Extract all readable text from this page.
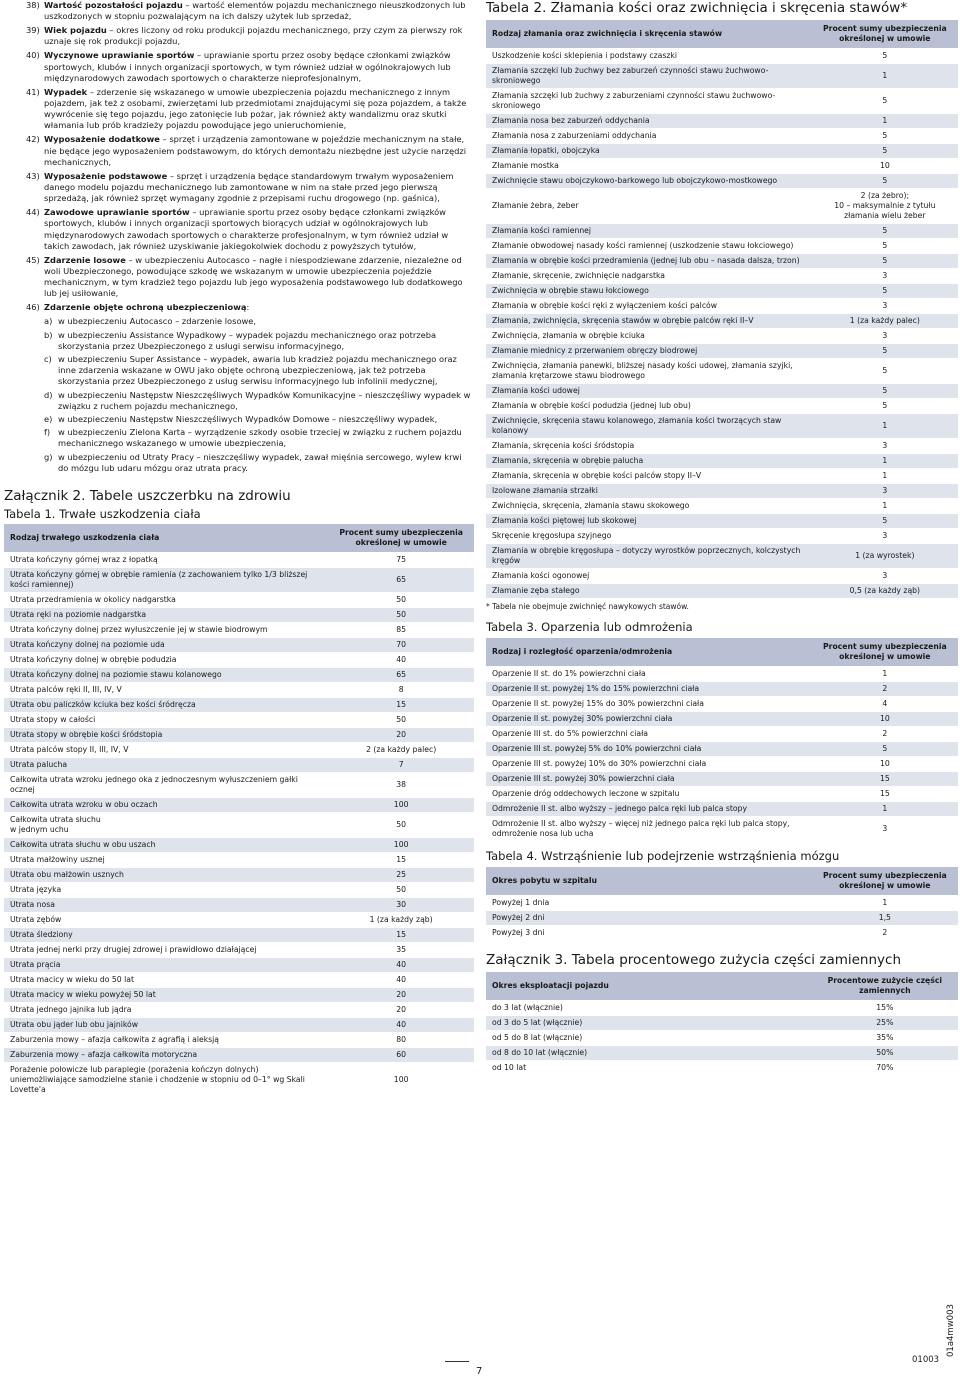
38) Wartość pozostałości pojazdu – wartość elementów pojazdu mechanicznego nieuszkodzonych lub uszkodzonych w stopniu pozwalającym na ich dalszy użytek lub sprzedaż,
39) Wiek pojazdu – okres liczony od roku produkcji pojazdu mechanicznego, przy czym za pierwszy rok uznaje się rok produkcji pojazdu,
40) Wyczynowe uprawianie sportów – uprawianie sportu przez osoby będące członkami związków sportowych, klubów i innych organizacji sportowych, w tym również udział w ogólnokrajowych lub międzynarodowych zawodach sportowych o charakterze nieprofesjonalnym,
41) Wypadek – zderzenie się wskazanego w umowie ubezpieczenia pojazdu mechanicznego z innym pojazdem, jak też z osobami, zwierzętami lub przedmiotami znajdującymi się poza pojazdem, a także wywrócenie się tego pojazdu, jego zatonięcie lub pożar, jak również akty wandalizmu oraz skutki włamania lub prób kradzieży pojazdu powodujące jego unieruchomienie,
42) Wyposażenie dodatkowe – sprzęt i urządzenia zamontowane w pojeździe mechanicznym na stałe, nie będące jego wyposażeniem podstawowym, do których demontażu niezbędne jest użycie narzędzi mechanicznych,
43) Wyposażenie podstawowe – sprzęt i urządzenia będące standardowym trwałym wyposażeniem danego modelu pojazdu mechanicznego lub zamontowane w nim na stałe przed jego pierwszą sprzedażą, jak również sprzęt wymagany zgodnie z przepisami ruchu drogowego (np. gaśnica),
44) Zawodowe uprawianie sportów – uprawianie sportu przez osoby będące członkami związków sportowych, klubów i innych organizacji sportowych biorących udział w ogólnokrajowych lub międzynarodowych zawodach sportowych o charakterze profesjonalnym, w tym również udział w takich zawodach, jak również uzyskiwanie jakiegokolwiek dochodu z powyższych tytułów,
45) Zdarzenie losowe – w ubezpieczeniu Autocasco – nagłe i niespodziewane zdarzenie, niezależne od woli Ubezpieczonego, powodujące szkodę we wskazanym w umowie ubezpieczenia pojeździe mechanicznym, w tym kradzież tego pojazdu lub jego wyposażenia podstawowego lub dodatkowego lub jej usiłowanie,
46) Zdarzenie objęte ochroną ubezpieczeniową:
a) w ubezpieczeniu Autocasco – zdarzenie losowe,
b) w ubezpieczeniu Assistance Wypadkowy – wypadek pojazdu mechanicznego oraz potrzeba skorzystania przez Ubezpieczonego z usługi serwisu informacyjnego,
c) w ubezpieczeniu Super Assistance – wypadek, awaria lub kradzież pojazdu mechanicznego oraz inne zdarzenia wskazane w OWU jako objęte ochroną ubezpieczeniową, jak też potrzeba skorzystania przez Ubezpieczonego z usług serwisu informacyjnego lub infolinii medycznej,
d) w ubezpieczeniu Następstw Nieszczęśliwych Wypadków Komunikacyjne – nieszczęśliwy wypadek w związku z ruchem pojazdu mechanicznego,
e) w ubezpieczeniu Następstw Nieszczęśliwych Wypadków Domowe – nieszczęśliwy wypadek,
f) w ubezpieczeniu Zielona Karta – wyrządzenie szkody osobie trzeciej w związku z ruchem pojazdu mechanicznego wskazanego w umowie ubezpieczenia,
g) w ubezpieczeniu od Utraty Pracy – nieszczęśliwy wypadek, zawał mięśnia sercowego, wylew krwi do mózgu lub udaru mózgu oraz utrata pracy.
Załącznik 2. Tabele uszczerbku na zdrowiu
Tabela 1. Trwałe uszkodzenia ciała
Rodzaj trwałego uszkodzenia ciała	Procent sumy ubezpieczenia określonej w umowie
Utrata kończyny górnej wraz z łopatką	75
Utrata kończyny górnej w obrębie ramienia (z zachowaniem tylko 1/3 bliższej kości ramiennej)	65
Utrata przedramienia w okolicy nadgarstka	50
Utrata ręki na poziomie nadgarstka	50
Utrata kończyny dolnej przez wyłuszczenie jej w stawie biodrowym	85
Utrata kończyny dolnej na poziomie uda	70
Utrata kończyny dolnej w obrębie podudzia	40
Utrata kończyny dolnej na poziomie stawu kolanowego	65
Utrata palców ręki II, III, IV, V	8
Utrata obu paliczków kciuka bez kości śródręcza	15
Utrata stopy w całości	50
Utrata stopy w obrębie kości śródstopia	20
Utrata palców stopy II, III, IV, V	2 (za każdy palec)
Utrata palucha	7
Całkowita utrata wzroku jednego oka z jednoczesnym wyłuszczeniem gałki ocznej	38
Całkowita utrata wzroku w obu oczach	100
Całkowita utrata słuchu
w jednym uchu	50
Całkowita utrata słuchu w obu uszach	100
Utrata małżowiny usznej	15
Utrata obu małżowin usznych	25
Utrata języka	50
Utrata nosa	30
Utrata zębów	1 (za każdy ząb)
Utrata śledziony	15
Utrata jednej nerki przy drugiej zdrowej i prawidłowo działającej	35
Utrata prącia	40
Utrata macicy w wieku do 50 lat	40
Utrata macicy w wieku powyżej 50 lat	20
Utrata jednego jajnika lub jądra	20
Utrata obu jąder lub obu jajników	40
Zaburzenia mowy – afazja całkowita z agrafią i aleksją	80
Zaburzenia mowy – afazja całkowita motoryczna	60
Porażenie połowicze lub paraplegie (porażenia kończyn dolnych) uniemożliwiające samodzielne stanie i chodzenie w stopniu od 0–1° wg Skali Lovette'a	100
Tabela 2. Złamania kości oraz zwichnięcia i skręcenia stawów*
Rodzaj złamania oraz zwichnięcia i skręcenia stawów	Procent sumy ubezpieczenia określonej w umowie
Uszkodzenie kości sklepienia i podstawy czaszki	5
Złamania szczęki lub żuchwy bez zaburzeń czynności stawu żuchwowo-skroniowego	1
Złamania szczęki lub żuchwy z zaburzeniami czynności stawu żuchwowo-skroniowego	5
Złamania nosa bez zaburzeń oddychania	1
Złamania nosa z zaburzeniami oddychania	5
Złamania łopatki, obojczyka	5
Złamanie mostka	10
Zwichnięcie stawu obojczykowo-barkowego lub obojczykowo-mostkowego	5
Złamanie żebra, żeber	2 (za żebro);
10 – maksymalnie z tytułu złamania wielu żeber
Złamania kości ramiennej	5
Złamanie obwodowej nasady kości ramiennej (uszkodzenie stawu łokciowego)	5
Złamania w obrębie kości przedramienia (jednej lub obu – nasada dalsza, trzon)	5
Złamanie, skręcenie, zwichnięcie nadgarstka	3
Zwichnięcia w obrębie stawu łokciowego	5
Złamania w obrębie kości ręki z wyłączeniem kości palców	3
Złamania, zwichnięcia, skręcenia stawów w obrębie palców ręki II–V	1 (za każdy palec)
Zwichnięcia, złamania w obrębie kciuka	3
Złamanie miednicy z przerwaniem obręczy biodrowej	5
Zwichnięcia, złamania panewki, bliższej nasady kości udowej, złamania szyjki, złamania krętarzowe stawu biodrowego	5
Złamania kości udowej	5
Złamania w obrębie kości podudzia (jednej lub obu)	5
Zwichnięcie, skręcenia stawu kolanowego, złamania kości tworzących staw kolanowy	1
Złamania, skręcenia kości śródstopia	3
Złamania, skręcenia w obrębie palucha	1
Złamania, skręcenia w obrębie kości palców stopy II–V	1
Izolowane złamania strzałki	3
Zwichnięcia, skręcenia, złamania stawu skokowego	1
Złamania kości piętowej lub skokowej	5
Skręcenie kręgosłupa szyjnego	3
Złamania w obrębie kręgosłupa – dotyczy wyrostków poprzecznych, kolczystych kręgów	1 (za wyrostek)
Złamania kości ogonowej	3
Złamanie zęba stałego	0,5 (za każdy ząb)
* Tabela nie obejmuje zwichnięć nawykowych stawów.
Tabela 3. Oparzenia lub odmrożenia
Rodzaj i rozległość oparzenia/odmrożenia	Procent sumy ubezpieczenia określonej w umowie
Oparzenie II st. do 1% powierzchni ciała	1
Oparzenie II st. powyżej 1% do 15% powierzchni ciała	2
Oparzenie II st. powyżej 15% do 30% powierzchni ciała	4
Oparzenie II st. powyżej 30% powierzchni ciała	10
Oparzenie III st. do 5% powierzchni ciała	2
Oparzenie III st. powyżej 5% do 10% powierzchni ciała	5
Oparzenie III st. powyżej 10% do 30% powierzchni ciała	10
Oparzenie III st. powyżej 30% powierzchni ciała	15
Oparzenie dróg oddechowych leczone w szpitalu	15
Odmrożenie II st. albo wyższy – jednego palca ręki lub palca stopy	1
Odmrożenie II st. albo wyższy – więcej niż jednego palca ręki lub palca stopy, odmrożenie nosa lub ucha	3
Tabela 4. Wstrząśnienie lub podejrzenie wstrząśnienia mózgu
Okres pobytu w szpitalu	Procent sumy ubezpieczenia określonej w umowie
Powyżej 1 dnia	1
Powyżej 2 dni	1,5
Powyżej 3 dni	2
Załącznik 3. Tabela procentowego zużycia części zamiennych
Okres eksploatacji pojazdu	Procentowe zużycie części zamiennych
do 3 lat (włącznie)	15%
od 3 do 5 lat (włącznie)	25%
od 5 do 8 lat (włącznie)	35%
od 8 do 10 lat (włącznie)	50%
od 10 lat	70%
7
01003
01a4mw003
